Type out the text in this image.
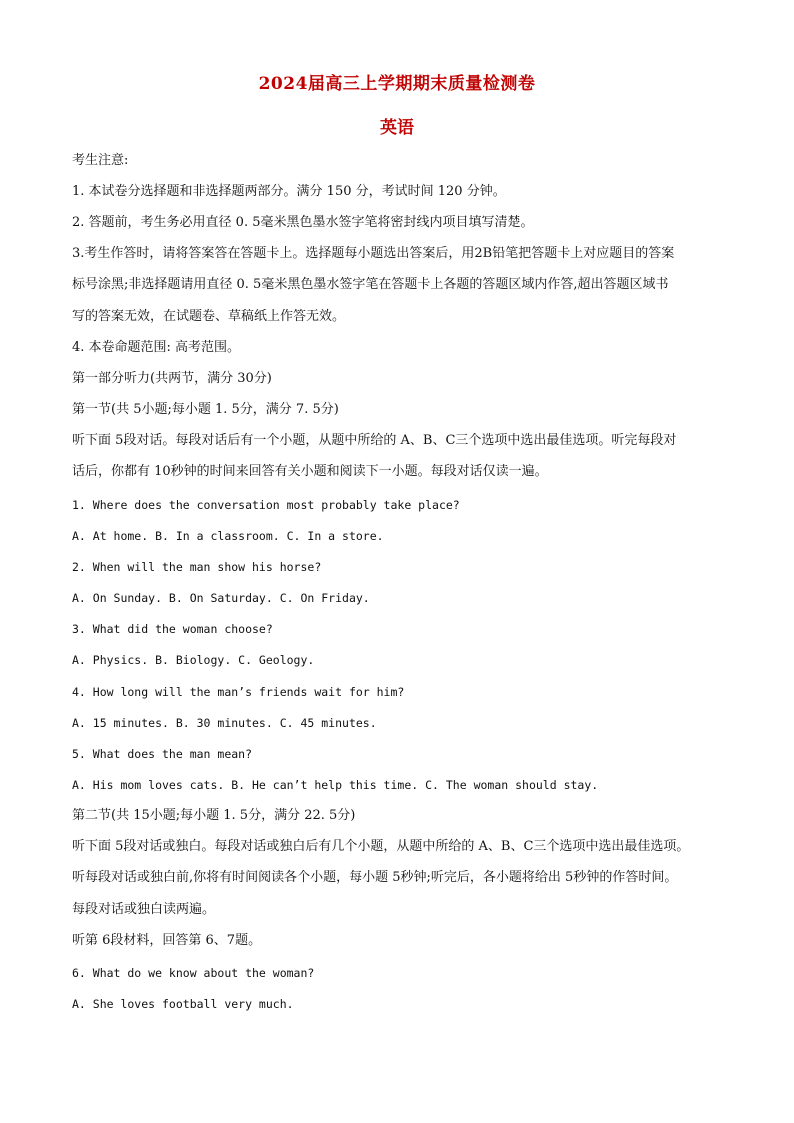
2024届高三上学期期末质量检测卷
英语
考生注意:
1. 本试卷分选择题和非选择题两部分。满分 150 分，考试时间 120 分钟。
2. 答题前，考生务必用直径 0. 5毫米黑色墨水签字笔将密封线内项目填写清楚。
3.考生作答时，请将答案答在答题卡上。选择题每小题选出答案后，用2B铅笔把答题卡上对应题目的答案
标号涂黑;非选择题请用直径 0. 5毫米黑色墨水签字笔在答题卡上各题的答题区域内作答,超出答题区域书
写的答案无效，在试题卷、草稿纸上作答无效。
4. 本卷命题范围: 高考范围。
第一部分听力(共两节，满分 30分)
第一节(共 5小题;每小题 1. 5分，满分 7. 5分)
听下面 5段对话。每段对话后有一个小题，从题中所给的 A、B、C三个选项中选出最佳选项。听完每段对
话后，你都有 10秒钟的时间来回答有关小题和阅读下一小题。每段对话仅读一遍。
1. Where does the conversation most probably take place?
A. At home. B. In a classroom. C. In a store.
2. When will the man show his horse?
A. On Sunday. B. On Saturday. C. On Friday.
3. What did the woman choose?
A. Physics. B. Biology. C. Geology.
4. How long will the man’s friends wait for him?
A. 15 minutes. B. 30 minutes. C. 45 minutes.
5. What does the man mean?
A. His mom loves cats. B. He can’t help this time. C. The woman should stay.
第二节(共 15小题;每小题 1. 5分，满分 22. 5分)
听下面 5段对话或独白。每段对话或独白后有几个小题，从题中所给的 A、B、C三个选项中选出最佳选项。
听每段对话或独白前,你将有时间阅读各个小题，每小题 5秒钟;听完后，各小题将给出 5秒钟的作答时间。
每段对话或独白读两遍。
听第 6段材料，回答第 6、7题。
6. What do we know about the woman?
A. She loves football very much.
